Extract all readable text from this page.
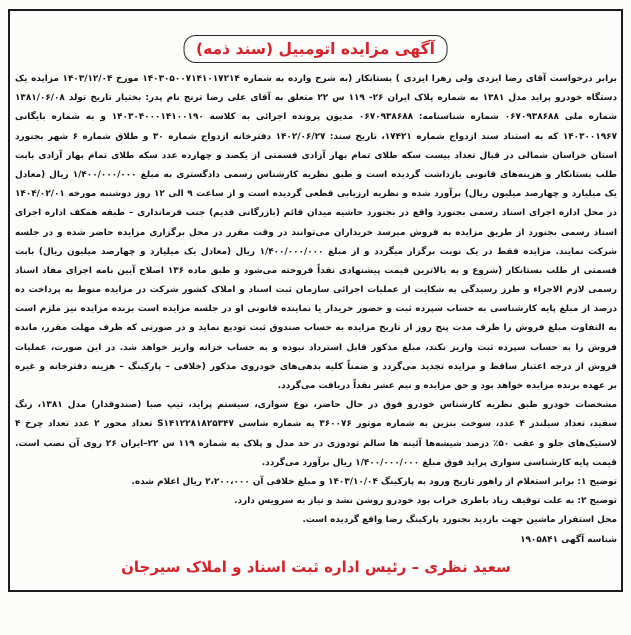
آگهی مزایده اتومبیل (سند ذمه)
برابر درخواست آقای رضا ایزدی ولی زهرا ایزدی ) بستانکار (به شرح وارده به شماره ۱۴۰۳۰۵۰۰۷۱۴۱۰۱۷۲۱۴ مورخ ۱۴۰۳/۱۲/۰۴ مزایده یک
دستگاه خودرو پراید مدل ۱۳۸۱ به شماره پلاک ایران ۲۶- ۱۱۹ س ۲۲ متعلق به آقای علی رضا ترنج نام پدر: بختیار تاریخ تولد ۱۳۸۱/۰۶/۰۸
شماره ملی ۰۶۷۰۹۳۸۶۸۸ شماره شناسنامه: ۰۶۷۰۹۳۸۶۸۸ مدیون پرونده اجرائی به کلاسه ۱۴۰۳۰۴۰۰۰۱۴۱۰۰۱۹۰ و به شماره بایگانی
۱۴۰۳۰۰۱۹۶۷ که به استناد سند ازدواج شماره ۱۷۴۲۱، تاریخ سند: ۱۴۰۲/۰۶/۲۷ دفترخانه ازدواج شماره ۳۰ و طلاق شماره ۶ شهر بجنورد
استان خراسان شمالی در قبال تعداد بیست سکه طلای تمام بهار آزادی قسمتی از یکصد و چهارده عدد سکه طلای تمام بهار آزادی بابت
طلب بستانکار و هزینه‌های قانونی بازداشت گردیده است و طبق نظریه کارشناس رسمی دادگستری به مبلغ ۱/۴۰۰/۰۰۰/۰۰۰ ریال (معادل
یک میلیارد و چهارصد میلیون ریال) برآورد شده و نظریه ارزیابی قطعی گردیده است و از ساعت ۹ الی ۱۲ روز دوشنبه مورخه ۱۴۰۴/۰۲/۰۱
در محل اداره اجرای اسناد رسمی بجنورد واقع در بجنورد حاشیه میدان قائم (بازرگانی قدیم) جنب فرمانداری – طبقه همکف اداره اجرای
اسناد رسمی بجنورد از طریق مزایده به فروش میرسد خریداران می‌توانند در وقت مقرر در محل برگزاری مزایده حاضر شده و در جلسه
شرکت نمایند. مزایده فقط در یک نوبت برگزار میگردد و از مبلغ ۱/۴۰۰/۰۰۰/۰۰۰ ریال (معادل یک میلیارد و چهارصد میلیون ریال) بابت
قسمتی از طلب بستانکار (شروع و به بالاترین قیمت پیشنهادی نقداً فروخته می‌شود و طبق ماده ۱۳۶ اصلاح آیین نامه اجرای مفاد اسناد
رسمی لازم الاجراء و طرز رسیدگی به شکایت از عملیات اجرائی سازمان ثبت اسناد و املاک کشور شرکت در مزایده منوط به پرداخت ده
درصد از مبلغ پایه کارشناسی به حساب سپرده ثبت و حضور خریدار یا نماینده قانونی او در جلسه مزایده است برنده مزایده نیز ملزم است
به التفاوت مبلغ فروش را ظرف مدت پنج روز از تاریخ مزایده به حساب صندوق ثبت تودیع نماید و در صورتی که ظرف مهلت مقرر، مانده
فروش را به حساب سپرده ثبت واریز نکند، مبلغ مذکور قابل استرداد نبوده و به حساب خزانه واریز خواهد شد. در این صورت، عملیات
فروش از درجه اعتبار ساقط و مزایده تجدید می‌گردد و ضمناً کلیه بدهی‌های خودروی مذکور (خلافی – پارکینگ – هزینه دفترخانه و غیره
بر عهده برنده مزایده خواهد بود و حق مزایده و نیم عشر نقداً دریافت می‌گردد.
مشخصات خودرو طبق نظریه کارشناس خودرو فوق در حال حاضر، نوع سواری، سیستم پراید، تیپ صبا (صندوقدار) مدل ۱۳۸۱، رنگ
سفید، تعداد سیلندر ۴ عدد، سوخت بنزین به شماره موتور ۳۶۰۰۷۶ به شماره شاسی S۱۴۱۲۲۸۱۸۲۵۳۴۷ تعداد محور ۲ عدد تعداد چرخ ۴
لاستیک‌های جلو و عقب ۵۰٪ درصد شیشه‌ها آئینه ها سالم تودوزی در حد مدل و پلاک به شماره ۱۱۹ س ۲۲–ایران ۲۶ روی آن نصب است.
قیمت پایه کارشناسی سواری پراید فوق مبلغ ۱/۴۰۰/۰۰۰/۰۰۰ ریال برآورد می‌گردد.
توضیح ۱: برابر استعلام از راهور تاریخ ورود به پارکینگ ۱۴۰۳/۱۰/۰۴ و مبلغ خلافی آن ۲،۲۰۰،۰۰۰ ریال اعلام شده.
توضیح ۲: به علت توقیف زیاد باطری خراب بود خودرو روشن نشد و نیاز به سرویس دارد.
محل استقرار ماشین جهت بازدید بجنورد پارکینگ رضا واقع گردیده است.
شناسه آگهی ۱۹۰۵۸۴۱
سعید نظری – رئیس اداره ثبت اسناد و املاک سیرجان
